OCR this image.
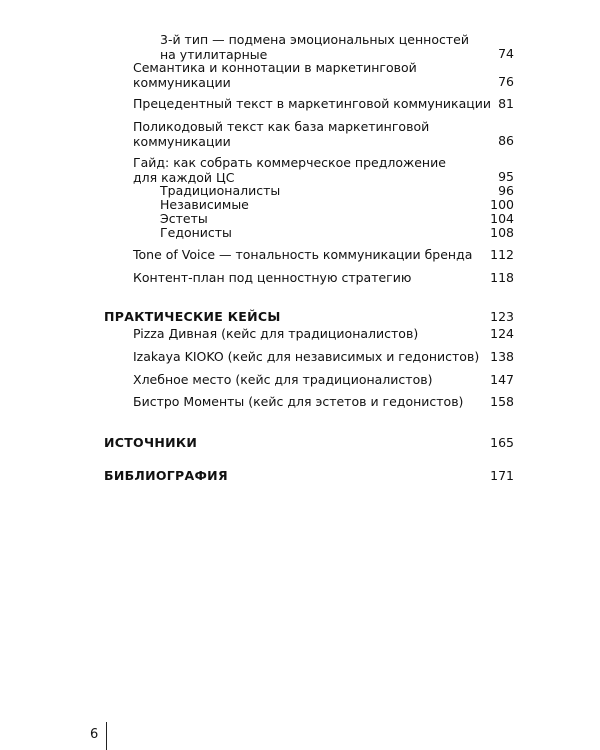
3-й тип — подмена эмоциональных ценностей
на утилитарные	74
Семантика и коннотации в маркетинговой
коммуникации	76
Прецедентный текст в маркетинговой коммуникации 81
Поликодовый текст как база маркетинговой
коммуникации	86
Гайд: как собрать коммерческое предложение
для каждой ЦС	95
Традиционалисты	96
Независимые	100
Эстеты	104
Гедонисты	108
Tone of Voice — тональность коммуникации бренда 112
Контент-план под ценностную стратегию	118
ПРАКТИЧЕСКИЕ КЕЙСЫ	123
Pizza Дивная (кейс для традиционалистов)	124
Izakaya KIOKO (кейс для независимых и гедонистов) 138
Хлебное место (кейс для традиционалистов)	147
Бистро Моменты (кейс для эстетов и гедонистов) 158
ИСТОЧНИКИ	165
БИБЛИОГРАФИЯ	171
6
